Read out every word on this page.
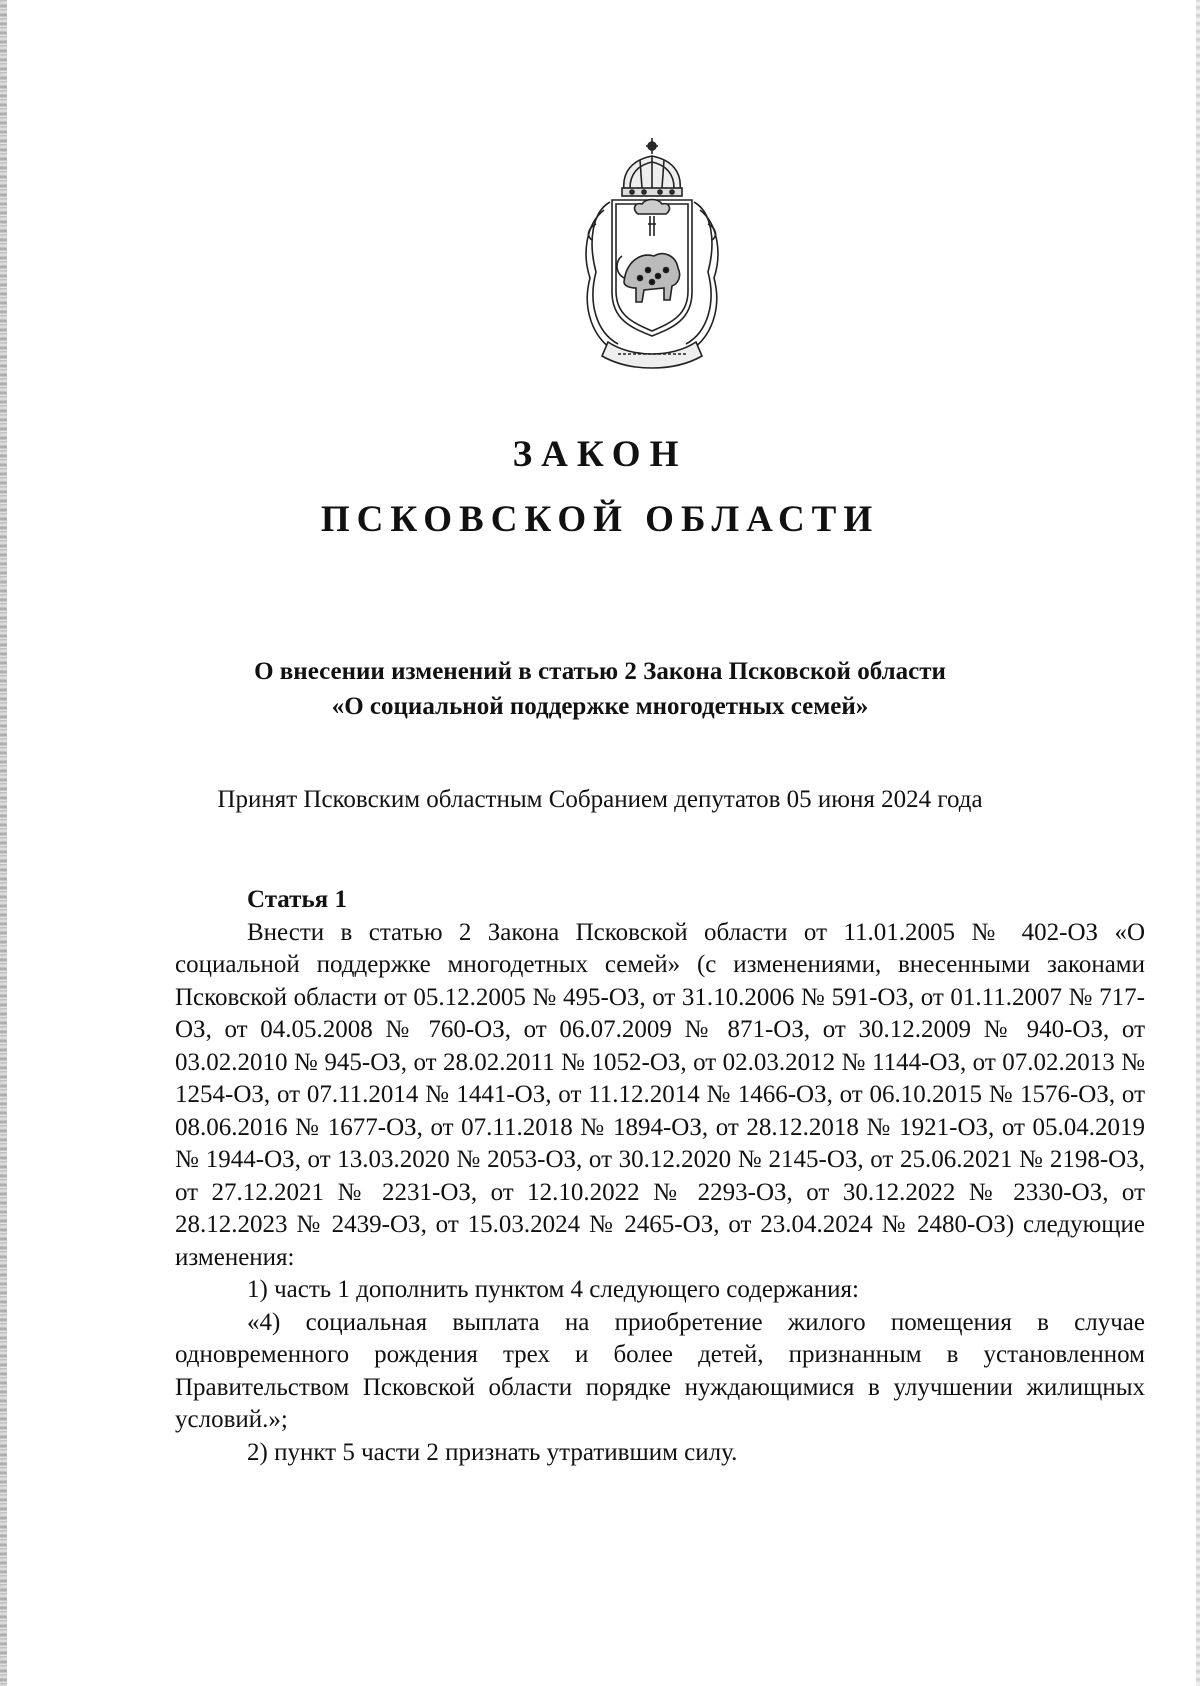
ЗАКОН
ПСКОВСКОЙ ОБЛАСТИ
О внесении изменений в статью 2 Закона Псковской области
«О социальной поддержке многодетных семей»
Принят Псковским областным Собранием депутатов 05 июня 2024 года
Статья 1

Внести в статью 2 Закона Псковской области от 11.01.2005 № 402-ОЗ «О социальной поддержке многодетных семей» (с изменениями, внесенными законами Псковской области от 05.12.2005 № 495-ОЗ, от 31.10.2006 № 591-ОЗ, от 01.11.2007 № 717-ОЗ, от 04.05.2008 № 760-ОЗ, от 06.07.2009 № 871-ОЗ, от 30.12.2009 № 940-ОЗ, от 03.02.2010 № 945-ОЗ, от 28.02.2011 № 1052-ОЗ, от 02.03.2012 № 1144-ОЗ, от 07.02.2013 № 1254-ОЗ, от 07.11.2014 № 1441-ОЗ, от 11.12.2014 № 1466-ОЗ, от 06.10.2015 № 1576-ОЗ, от 08.06.2016 № 1677-ОЗ, от 07.11.2018 № 1894-ОЗ, от 28.12.2018 № 1921-ОЗ, от 05.04.2019 № 1944-ОЗ, от 13.03.2020 № 2053-ОЗ, от 30.12.2020 № 2145-ОЗ, от 25.06.2021 № 2198-ОЗ, от 27.12.2021 № 2231-ОЗ, от 12.10.2022 № 2293-ОЗ, от 30.12.2022 № 2330-ОЗ, от 28.12.2023 № 2439-ОЗ, от 15.03.2024 № 2465-ОЗ, от 23.04.2024 № 2480-ОЗ) следующие изменения:

1) часть 1 дополнить пунктом 4 следующего содержания:

«4) социальная выплата на приобретение жилого помещения в случае одновременного рождения трех и более детей, признанным в установленном Правительством Псковской области порядке нуждающимися в улучшении жилищных условий.»;

2) пункт 5 части 2 признать утратившим силу.
